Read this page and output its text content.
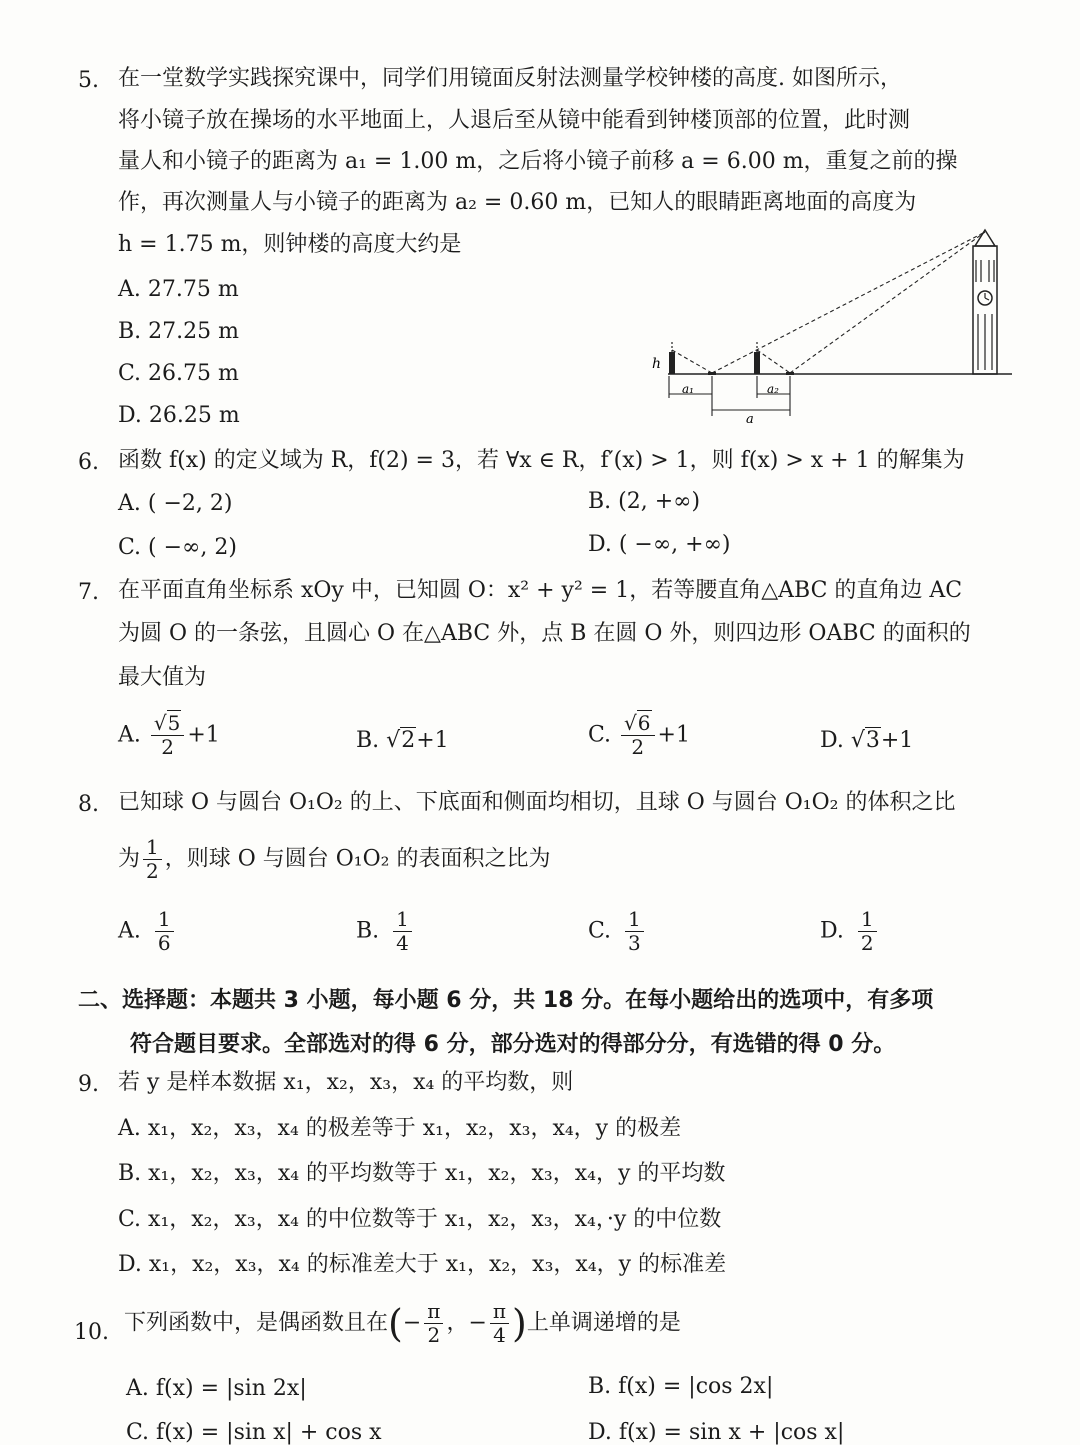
5. 在一堂数学实践探究课中，同学们用镜面反射法测量学校钟楼的高度. 如图所示，
将小镜子放在操场的水平地面上，人退后至从镜中能看到钟楼顶部的位置，此时测
量人和小镜子的距离为 a₁ = 1.00 m，之后将小镜子前移 a = 6.00 m，重复之前的操
作，再次测量人与小镜子的距离为 a₂ = 0.60 m，已知人的眼睛距离地面的高度为
h = 1.75 m，则钟楼的高度大约是
A. 27.75 m
B. 27.25 m
C. 26.75 m
D. 26.25 m
h
a₁	a₂
a
6. 函数 f(x) 的定义域为 R，f(2) = 3，若 ∀x ∈ R，f′(x) > 1，则 f(x) > x + 1 的解集为
A. ( −2, 2)	B. (2, +∞)
C. ( −∞, 2)	D. ( −∞, +∞)
7. 在平面直角坐标系 xOy 中，已知圆 O：x² + y² = 1，若等腰直角△ABC 的直角边 AC
为圆 O 的一条弦，且圆心 O 在△ABC 外，点 B 在圆 O 外，则四边形 OABC 的面积的
最大值为
A. $\frac{√5}{2} +1$	B. √2+1	C. $\frac{√6}{2} +1$	D. √3+1
8. 已知球 O 与圆台 O₁O₂ 的上、下底面和侧面均相切，且球 O 与圆台 O₁O₂ 的体积之比
为 $\frac{1}{2}$ ，则球 O 与圆台 O₁O₂ 的表面积之比为
A. $\frac{1}{6}$	B. $\frac{1}{4}$	C. $\frac{1}{3}$	D. $\frac{1}{2}$
二、选择题：本题共 3 小题，每小题 6 分，共 18 分。在每小题给出的选项中，有多项
符合题目要求。全部选对的得 6 分，部分选对的得部分分，有选错的得 0 分。
9. 若 y 是样本数据 x₁，x₂，x₃，x₄ 的平均数，则
A. x₁，x₂，x₃，x₄ 的极差等于 x₁，x₂，x₃，x₄，y 的极差
B. x₁，x₂，x₃，x₄ 的平均数等于 x₁，x₂，x₃，x₄，y 的平均数
C. x₁，x₂，x₃，x₄ 的中位数等于 x₁，x₂，x₃，x₄，·y 的中位数
D. x₁，x₂，x₃，x₄ 的标准差大于 x₁，x₂，x₃，x₄，y 的标准差
10. 下列函数中，是偶函数且在(− $\frac{\pi}{2}$ ，− $\frac{\pi}{4}$ )上单调递增的是
A. f(x) = |sin 2x|	B. f(x) = |cos 2x|
C. f(x) = |sin x| + cos x	D. f(x) = sin x + |cos x|
